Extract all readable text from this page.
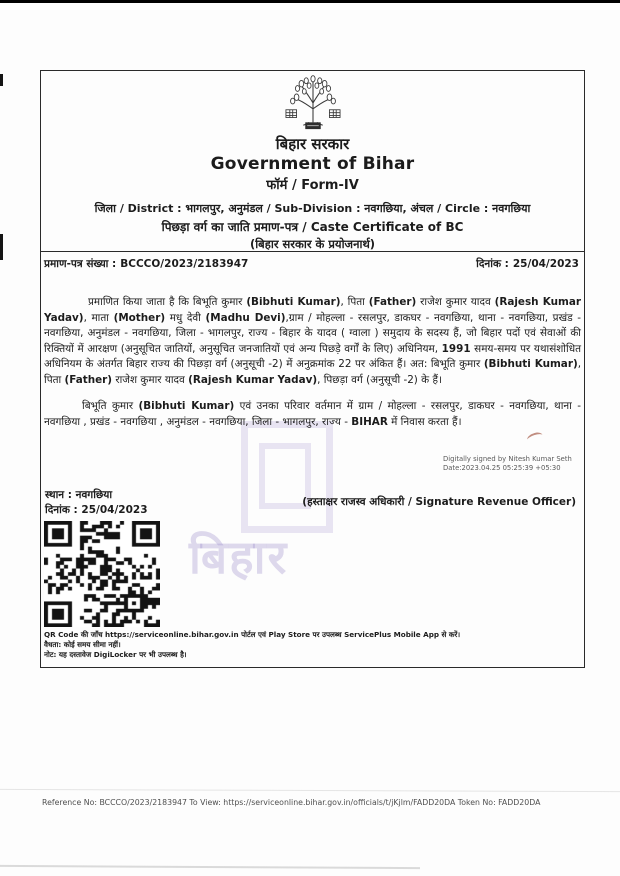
बिहार
बिहार सरकार
Government of Bihar
फॉर्म / Form-IV
जिला / District : भागलपुर, अनुमंडल / Sub-Division : नवगछिया, अंचल / Circle : नवगछिया
पिछड़ा वर्ग का जाति प्रमाण-पत्र / Caste Certificate of BC
(बिहार सरकार के प्रयोजनार्थ)
प्रमाण-पत्र संख्या : BCCCO/2023/2183947	दिनांक : 25/04/2023
प्रमाणित किया जाता है कि बिभूति कुमार (Bibhuti Kumar), पिता (Father) राजेश कुमार यादव (Rajesh Kumar Yadav), माता (Mother) मधु देवी (Madhu Devi),ग्राम / मोहल्ला - रसलपुर, डाकघर - नवगछिया, थाना - नवगछिया, प्रखंड - नवगछिया, अनुमंडल - नवगछिया, जिला - भागलपुर, राज्य - बिहार के यादव ( ग्वाला ) समुदाय के सदस्य हैं, जो बिहार पदों एवं सेवाओं की रिक्तियों में आरक्षण (अनुसूचित जातियों, अनुसूचित जनजातियों एवं अन्य पिछड़े वर्गों के लिए) अधिनियम, 1991 समय-समय पर यथासंशोधित अधिनियम के अंतर्गत बिहार राज्य की पिछड़ा वर्ग (अनुसूची -2) में अनुक्रमांक 22 पर अंकित हैं। अत: बिभूति कुमार (Bibhuti Kumar), पिता (Father) राजेश कुमार यादव (Rajesh Kumar Yadav), पिछड़ा वर्ग (अनुसूची -2) के हैं।
बिभूति कुमार (Bibhuti Kumar) एवं उनका परिवार वर्तमान में ग्राम / मोहल्ला - रसलपुर, डाकघर - नवगछिया, थाना - नवगछिया , प्रखंड - नवगछिया , अनुमंडल - नवगछिया, जिला - भागलपुर, राज्य - BIHAR में निवास करता हैं।
Digitally signed by Nitesh Kumar Seth
Date:2023.04.25 05:25:39 +05:30
स्थान : नवगछिया
दिनांक : 25/04/2023
(हस्ताक्षर राजस्व अधिकारी / Signature Revenue Officer)
QR Code की जाँच https://serviceonline.bihar.gov.in पोर्टल एवं Play Store पर उपलब्ध ServicePlus Mobile App से करें।
वैधता: कोई समय सीमा नहीं।
नोट: यह दस्तावेज DigiLocker पर भी उपलब्ध है।
Reference No: BCCCO/2023/2183947 To View: https://serviceonline.bihar.gov.in/officials/t/jKjlm/FADD20DA Token No: FADD20DA
